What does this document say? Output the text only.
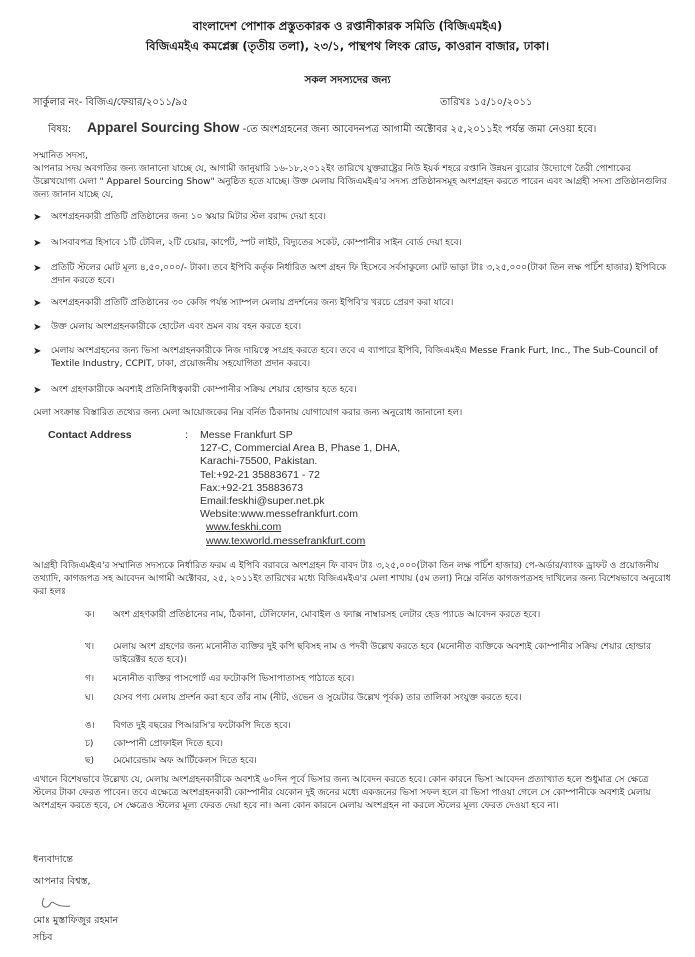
বাংলাদেশ পোশাক প্রস্তুতকারক ও রপ্তানীকারক সমিতি (বিজিএমইএ)
বিজিএমইএ কমপ্লেক্স (তৃতীয় তলা), ২৩/১, পান্থপথ লিংক রোড, কাওরান বাজার, ঢাকা।
সকল সদস্যদের জন্য
সার্কুলার নং- বিজিএ/ফেয়ার/২০১১/৯৫	তারিখঃ ১৫/১০/২০১১
বিষয়: Apparel Sourcing Show -তে অংশগ্রহনের জন্য আবেদনপত্র আগামী অক্টোবর ২৫,২০১১ইং পর্যন্ত জমা নেওয়া হবে।
সম্মানিত সদস্য,
আপনার সদয় অবগতির জন্য জানানো যাচ্ছে যে, আগামী জানুয়ারি ১৬-১৮,২০১২ইং তারিখে যুক্তরাষ্ট্রের নিউ ইয়র্ক শহরে রপ্তানি উন্নয়ন ব্যুরোর উদ্যোগে তৈরী পোশাকের উল্লেখযোগ্য মেলা " Apparel Sourcing Show" অনুষ্ঠিত হতে যাচ্ছে। উক্ত মেলায় বিজিএমইএ'র সদস্য প্রতিষ্ঠানসমূহ অংশগ্রহন করতে পারেন এবং আগ্রহী সদস্য প্রতিষ্ঠানগুলির জন্য জানান যাচ্ছে যে,
➤ অংশগ্রহনকারী প্রতিটি প্রতিষ্ঠানের জন্য ১০ স্কয়ার মিটার স্টল বরাদ্দ দেয়া হবে।
➤ আসবাবপত্র হিসাবে ১টি টেবিল, ২টি চেয়ার, কার্পেট, স্পট লাইট, বিদ্যুতের সকেট, কোম্পানীর সাইন বোর্ড দেয়া হবে।
➤ প্রতিটি স্টলের মোট মূল্য ৪,৫০,০০০/- টাকা। তবে ইপিবি কর্তৃক নির্ধারিত অংশ গ্রহন ফি হিসেবে সর্বসাকুল্যে মোট ভাড়া টাঃ ৩,২৫,০০০(টাকা তিন লক্ষ পচিঁশ হাজার) ইপিবিকে প্রদান করতে হবে।
➤ অংশগ্রহনকারী প্রতিটি প্রতিষ্ঠানের ৩০ কেজি পর্যন্ত স্যাম্পল মেলায় প্রদর্শনের জন্য ইপিবি'র খরচে প্রেরণ করা যাবে।
➤ উক্ত মেলায় অংশগ্রহনকারীকে হোটেল এবং ভ্রমন ব্যয় বহন করতে হবে।
➤ মেলায় অংশগ্রহনের জন্য ভিসা অংশগ্রহনকারীকে নিজ দায়িত্বে সংগ্রহ করতে হবে। তবে এ ব্যাপারে ইপিবি, বিজিএমইএ Messe Frank Furt, Inc., The Sub-Council of Textile Industry, CCPIT, ঢাকা, প্রয়োজনীয় সহযোগিতা প্রদান করবে।
➤ অংশ গ্রহণকারীকে অবশ্যই প্রতিনিধিত্বকারী কোম্পানীর সক্রিয় শেয়ার হোল্ডার হতে হবে।
মেলা সংক্রান্ত বিস্তারিত তথ্যের জন্য মেলা আয়োজকের নিম্ন বর্নিত ঠিকানায় যোগাযোগ করার জন্য অনুরোধ জানানো হল।
Contact Address	: Messe Frankfurt SP
127-C, Commercial Area B, Phase 1, DHA,
Karachi-75500, Pakistan.
Tel:+92-21 35883671 - 72
Fax:+92-21 35883673
Email:feskhi@super.net.pk
Website:www.messefrankfurt.com
www.feskhi.com
www.texworld.messefrankfurt.com
আগ্রহী বিজিএমইএ'র সম্মানিত সদস্যকে নির্ধারিত ফরম এ ইপিবি বরাবরে অংশগ্রহন ফি বাবদ টাঃ ৩,২৫,০০০(টাকা তিন লক্ষ পচিঁশ হাজার) পে-অর্ডার/ব্যাংক ড্রাফট ও প্রয়োজনীয় তথ্যাদি, কাগজপত্র সহ আবেদন আগামী অক্টোবর, ২৫, ২০১১ইং তারিখের মধ্যে বিজিএমইএ'র মেলা শাখায় (৫ম তলা) নিম্নে বর্নিত কাগজপত্রসহ দাখিলের জন্য বিশেষভাবে অনুরোধ করা হলঃ
ক।	অংশ গ্রহণকারী প্রতিষ্ঠানের নাম, ঠিকানা, টেলিফোন, মোবাইল ও ফ্যাক্স নাম্বারসহ লেটার হেড প্যাডে আবেদন করতে হবে।
খ।	মেলায় অংশ গ্রহণের জন্য মনোনীত ব্যক্তির দুই কপি ছবিসহ নাম ও পদবী উল্লেখ করতে হবে (মনোনীত ব্যক্তিকে অবশ্যই কোম্পানীর সক্রিয় শেয়ার হোল্ডার ডাইরেক্টর হতে হবে)।
গ।	মনোনীত ব্যক্তির পাসপোর্ট এর ফটোকপি ভিসাপাতাসহ পাঠাতে হবে।
ঘ।	যেসব পণ্য মেলায় প্রদর্শন করা হবে তাঁর নাম (নীট, ওভেন ও সুয়েটার উল্লেখ পূর্বক) তার তালিকা সংযুক্ত করতে হবে।
ঙ।	বিগত দুই বছরের পিআরসি'র ফটোকপি দিতে হবে।
চ)	কোম্পানী প্রোফাইল দিতে হবে।
ছ)	মেমোরেন্ডাম অফ আর্টিকেলস দিতে হবে।
এখানে বিশেষভাবে উল্লেখ্য যে, মেলায় অংশগ্রহনকারীকে অবশ্যই ৬০দিন পূর্বে ভিসার জন্য আবেদন করতে হবে। কোন কারনে ভিসা আবেদন প্রত্যাখ্যাত হলে শুধুমাত্র সে ক্ষেত্রে স্টলের টাকা ফেরত পাবেন। তবে এক্ষেত্রে অংশগ্রহনকারী কোম্পানীর যেকোন দুই জনের মধ্যে একজনের ভিসা সফল হলে বা ভিসা পাওয়া গেলে সে কোম্পানীকে অবশ্যই মেলায় অংশগ্রহন করতে হবে, সে ক্ষেত্রেও স্টলের মূল্য ফেরত দেয়া হবে না। অন্য কোন কারনে মেলায় অংশগ্রহন না করলে স্টলের মূল্য ফেরত দেওয়া হবে না।
ধন্যবাদান্তে
আপনার বিশ্বস্ত,
মোঃ মুস্তাফিজুর রহমান
সচিব
